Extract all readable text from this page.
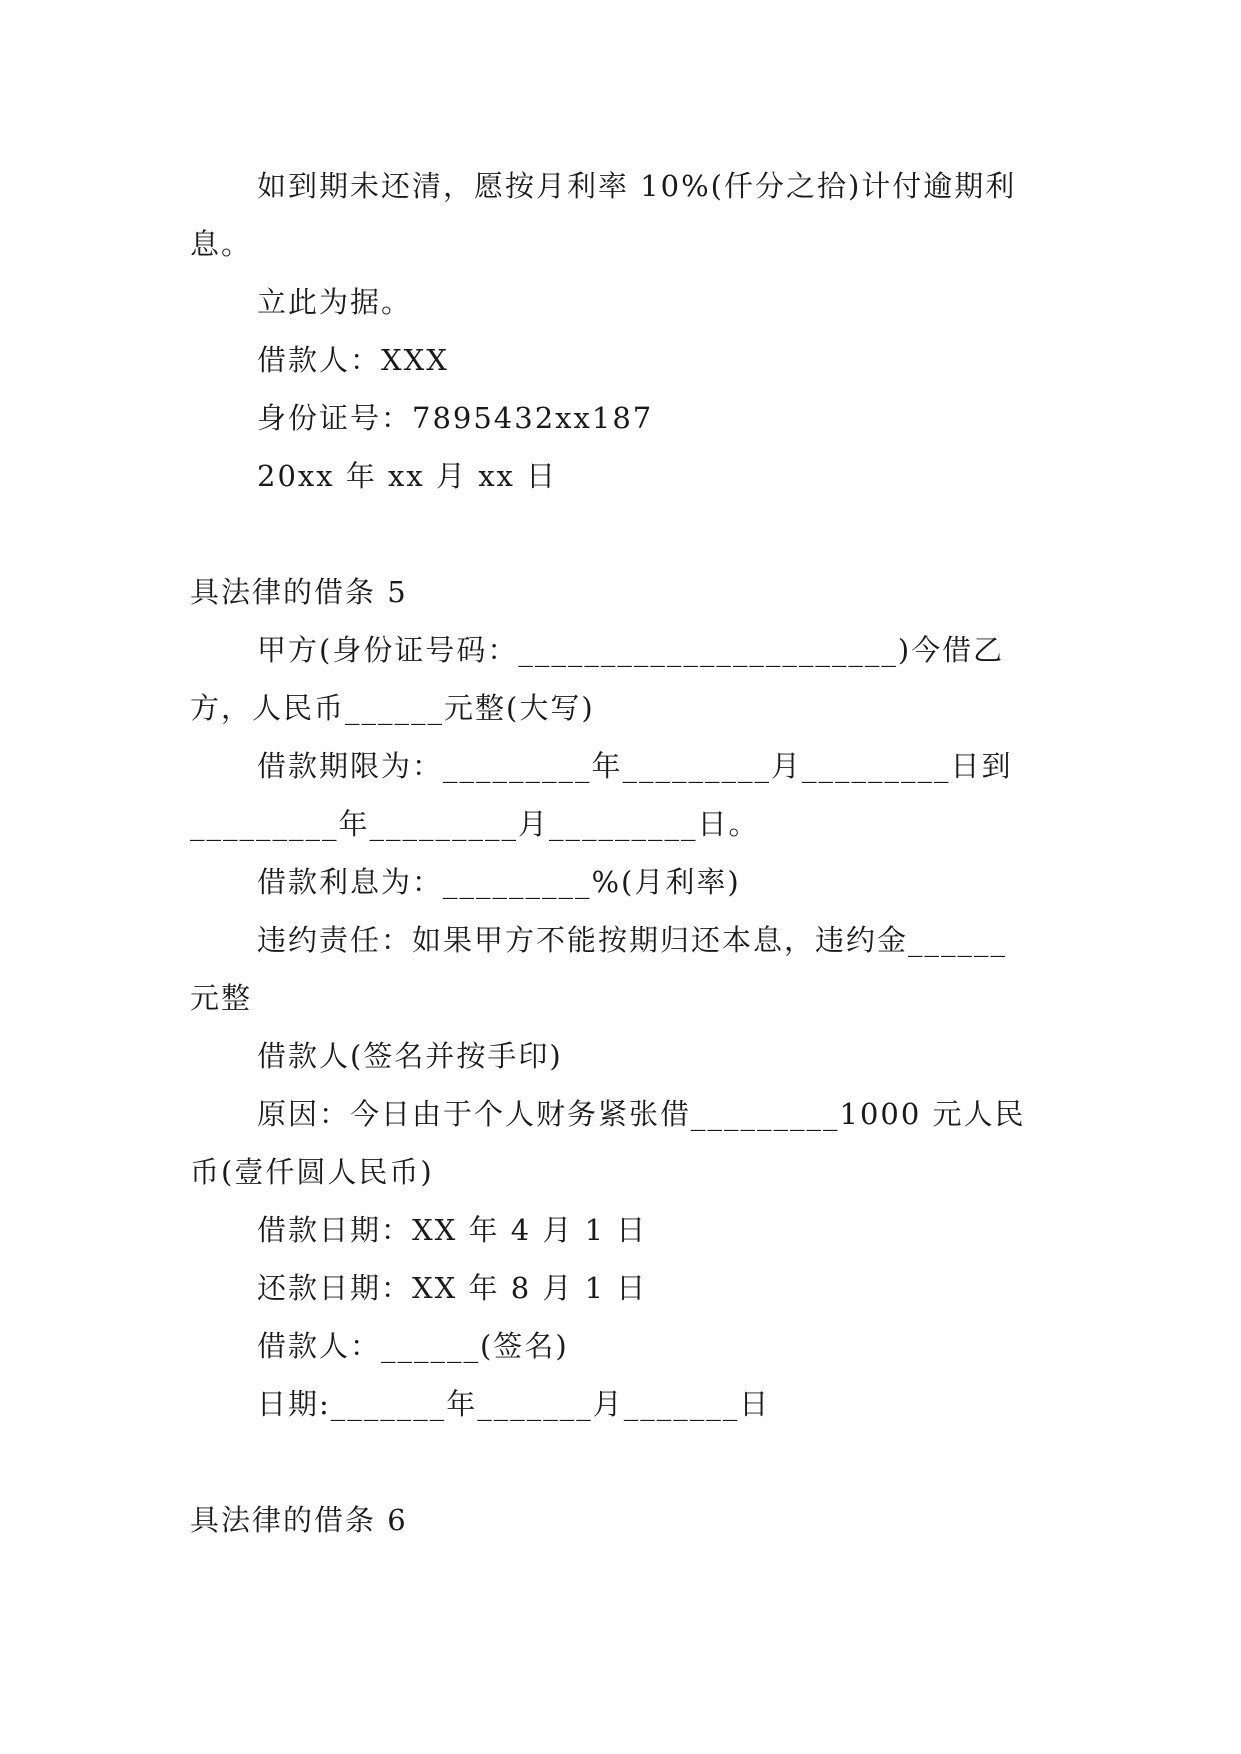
如到期未还清，愿按月利率 10%(仟分之拾)计付逾期利
息。
立此为据。
借款人：XXX
身份证号：7895432xx187
20xx 年 xx 月 xx 日
具法律的借条 5
甲方(身份证号码：_______________________)今借乙
方，人民币______元整(大写)
借款期限为：_________年_________月_________日到
_________年_________月_________日。
借款利息为：_________%(月利率)
违约责任：如果甲方不能按期归还本息，违约金______
元整
借款人(签名并按手印)
原因：今日由于个人财务紧张借_________1000 元人民
币(壹仟圆人民币)
借款日期：XX 年 4 月 1 日
还款日期：XX 年 8 月 1 日
借款人：______(签名)
日期:_______年_______月_______日
具法律的借条 6
